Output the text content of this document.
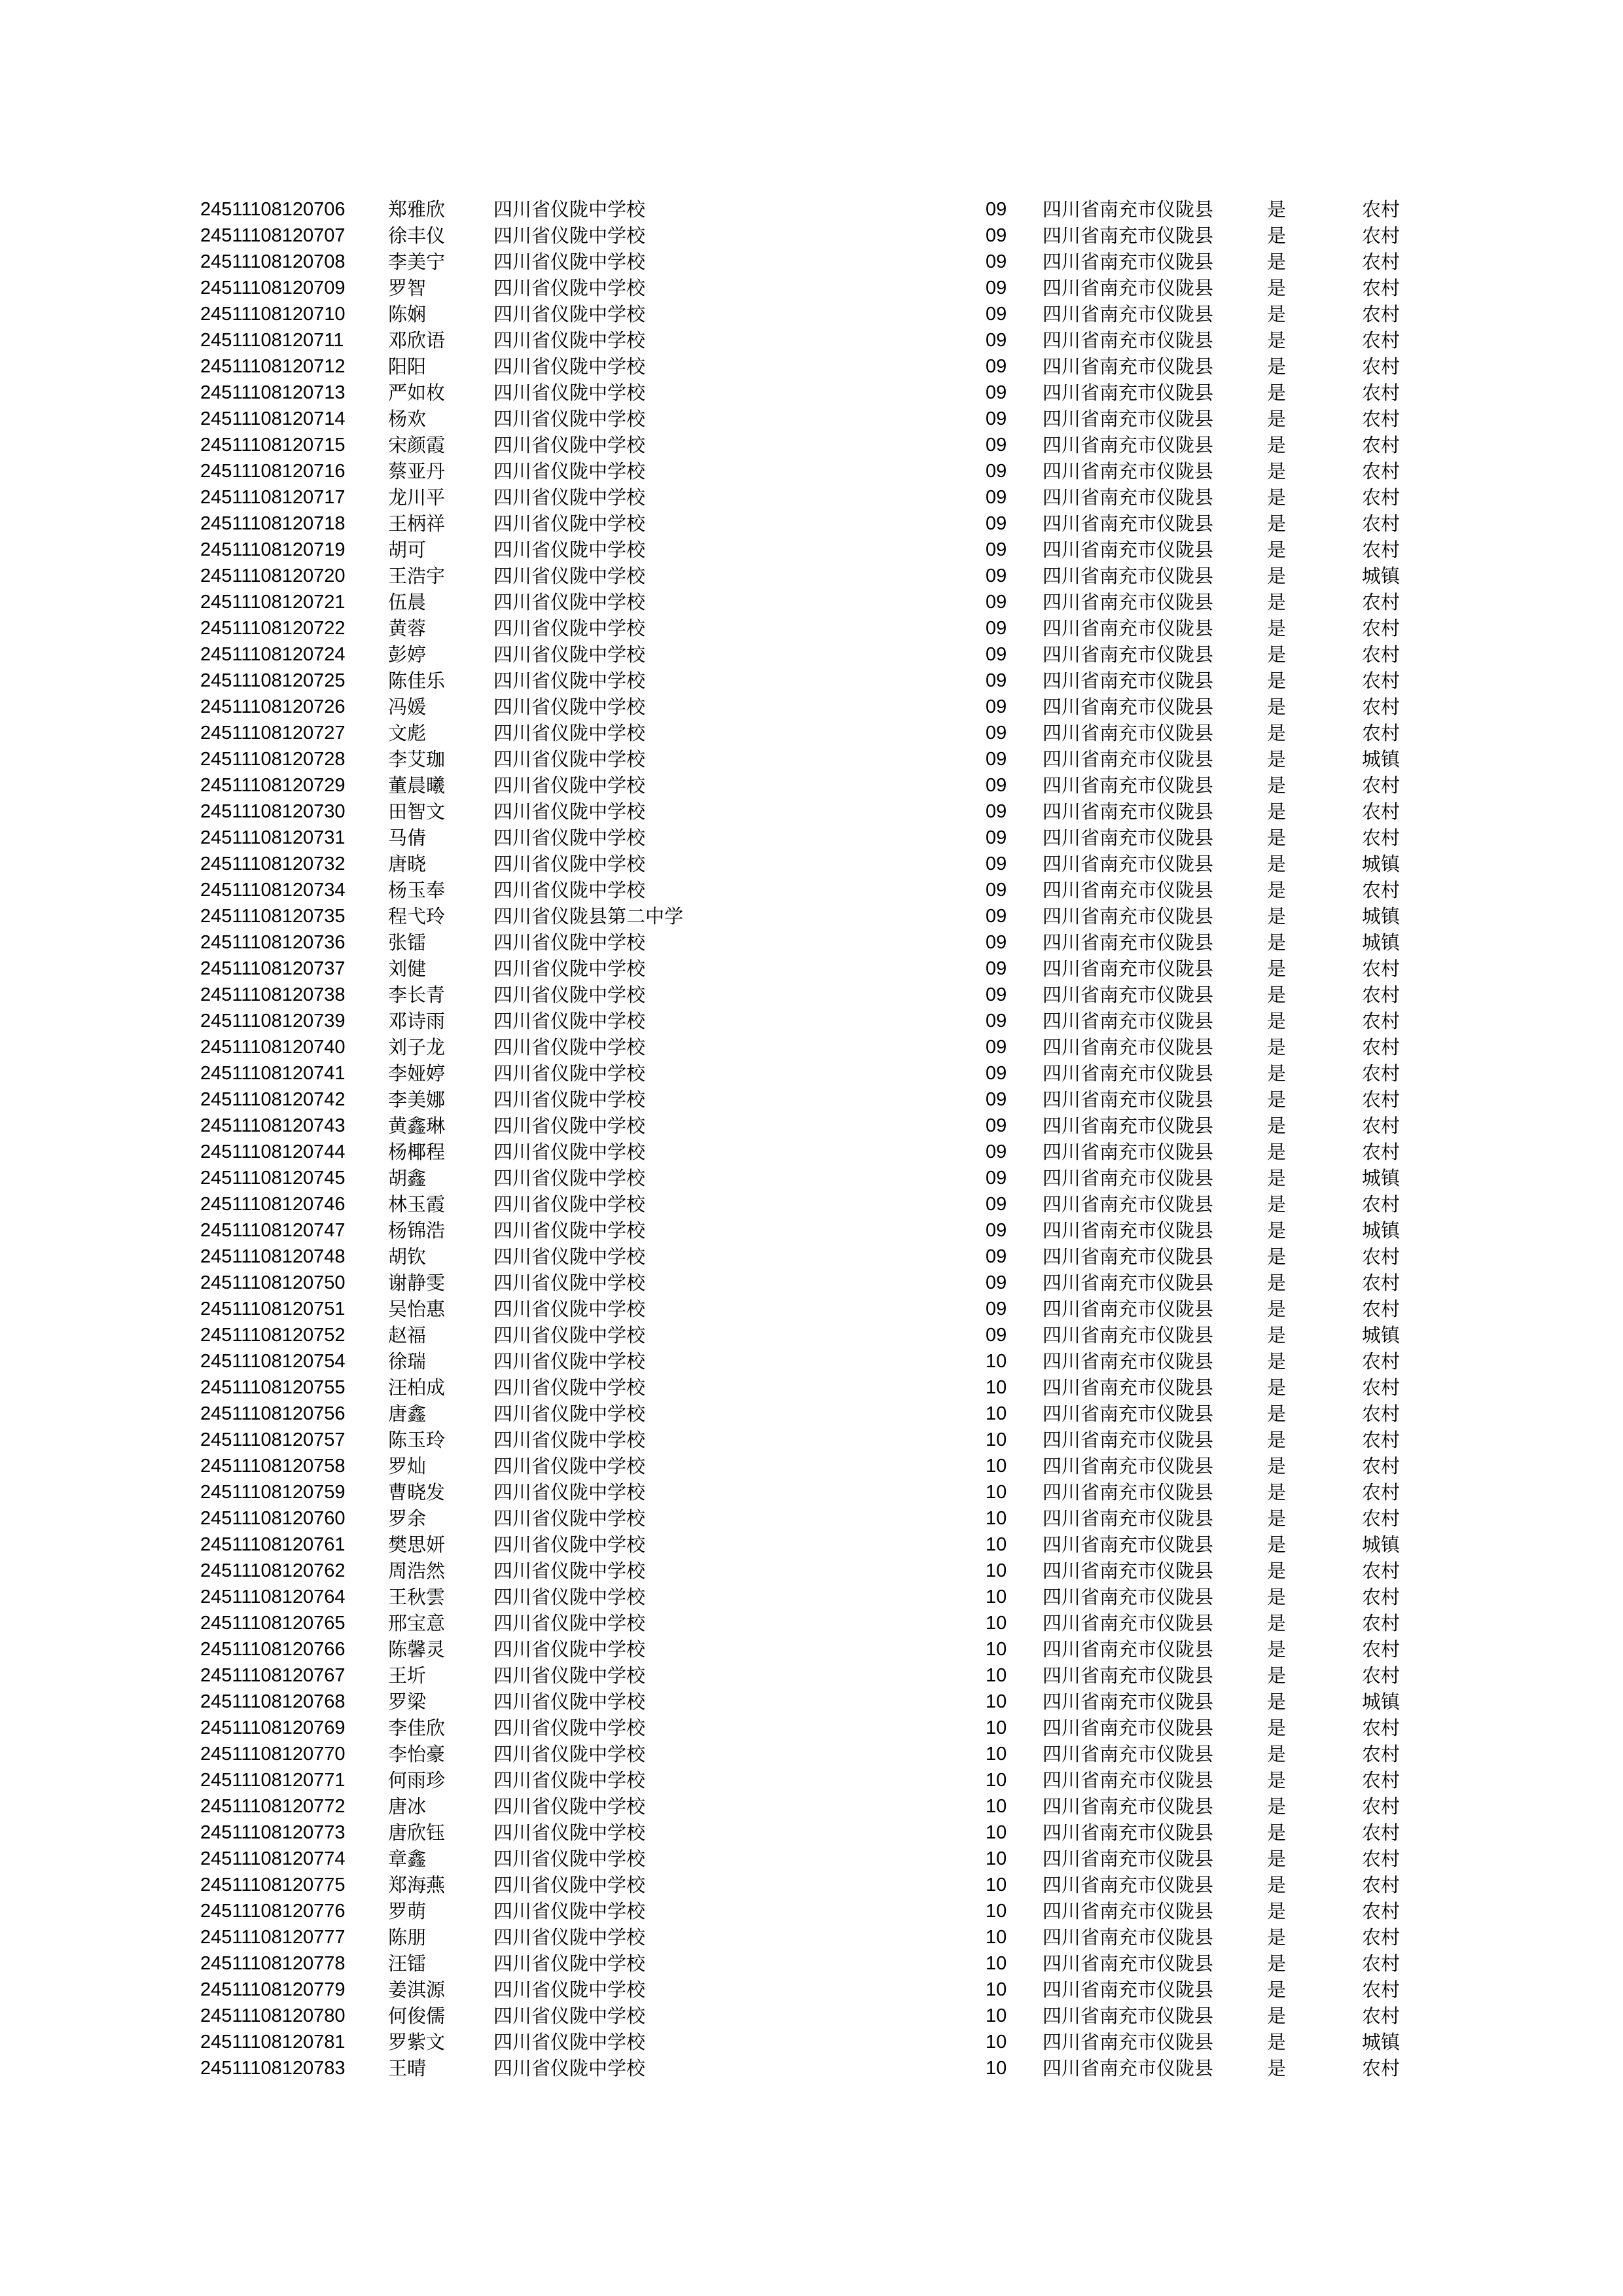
24511108120706 郑雅欣	四川省仪陇中学校	09 四川省南充市仪陇县	是	农村
24511108120707 徐丰仪	四川省仪陇中学校	09 四川省南充市仪陇县	是	农村
24511108120708 李美宁	四川省仪陇中学校	09 四川省南充市仪陇县	是	农村
24511108120709 罗智	四川省仪陇中学校	09 四川省南充市仪陇县	是	农村
24511108120710 陈娴	四川省仪陇中学校	09 四川省南充市仪陇县	是	农村
24511108120711 邓欣语	四川省仪陇中学校	09 四川省南充市仪陇县	是	农村
24511108120712 阳阳	四川省仪陇中学校	09 四川省南充市仪陇县	是	农村
24511108120713 严如枚	四川省仪陇中学校	09 四川省南充市仪陇县	是	农村
24511108120714 杨欢	四川省仪陇中学校	09 四川省南充市仪陇县	是	农村
24511108120715 宋颜霞	四川省仪陇中学校	09 四川省南充市仪陇县	是	农村
24511108120716 蔡亚丹	四川省仪陇中学校	09 四川省南充市仪陇县	是	农村
24511108120717 龙川平	四川省仪陇中学校	09 四川省南充市仪陇县	是	农村
24511108120718 王柄祥	四川省仪陇中学校	09 四川省南充市仪陇县	是	农村
24511108120719 胡可	四川省仪陇中学校	09 四川省南充市仪陇县	是	农村
24511108120720 王浩宇	四川省仪陇中学校	09 四川省南充市仪陇县	是	城镇
24511108120721 伍晨	四川省仪陇中学校	09 四川省南充市仪陇县	是	农村
24511108120722 黄蓉	四川省仪陇中学校	09 四川省南充市仪陇县	是	农村
24511108120724 彭婷	四川省仪陇中学校	09 四川省南充市仪陇县	是	农村
24511108120725 陈佳乐	四川省仪陇中学校	09 四川省南充市仪陇县	是	农村
24511108120726 冯媛	四川省仪陇中学校	09 四川省南充市仪陇县	是	农村
24511108120727 文彪	四川省仪陇中学校	09 四川省南充市仪陇县	是	农村
24511108120728 李艾珈	四川省仪陇中学校	09 四川省南充市仪陇县	是	城镇
24511108120729 董晨曦	四川省仪陇中学校	09 四川省南充市仪陇县	是	农村
24511108120730 田智文	四川省仪陇中学校	09 四川省南充市仪陇县	是	农村
24511108120731 马倩	四川省仪陇中学校	09 四川省南充市仪陇县	是	农村
24511108120732 唐晓	四川省仪陇中学校	09 四川省南充市仪陇县	是	城镇
24511108120734 杨玉奉	四川省仪陇中学校	09 四川省南充市仪陇县	是	农村
24511108120735 程弋玲	四川省仪陇县第二中学	09 四川省南充市仪陇县	是	城镇
24511108120736 张镭	四川省仪陇中学校	09 四川省南充市仪陇县	是	城镇
24511108120737 刘健	四川省仪陇中学校	09 四川省南充市仪陇县	是	农村
24511108120738 李长青	四川省仪陇中学校	09 四川省南充市仪陇县	是	农村
24511108120739 邓诗雨	四川省仪陇中学校	09 四川省南充市仪陇县	是	农村
24511108120740 刘子龙	四川省仪陇中学校	09 四川省南充市仪陇县	是	农村
24511108120741 李娅婷	四川省仪陇中学校	09 四川省南充市仪陇县	是	农村
24511108120742 李美娜	四川省仪陇中学校	09 四川省南充市仪陇县	是	农村
24511108120743 黄鑫琳	四川省仪陇中学校	09 四川省南充市仪陇县	是	农村
24511108120744 杨椰程	四川省仪陇中学校	09 四川省南充市仪陇县	是	农村
24511108120745 胡鑫	四川省仪陇中学校	09 四川省南充市仪陇县	是	城镇
24511108120746 林玉霞	四川省仪陇中学校	09 四川省南充市仪陇县	是	农村
24511108120747 杨锦浩	四川省仪陇中学校	09 四川省南充市仪陇县	是	城镇
24511108120748 胡钦	四川省仪陇中学校	09 四川省南充市仪陇县	是	农村
24511108120750 谢静雯	四川省仪陇中学校	09 四川省南充市仪陇县	是	农村
24511108120751 吴怡惠	四川省仪陇中学校	09 四川省南充市仪陇县	是	农村
24511108120752 赵福	四川省仪陇中学校	09 四川省南充市仪陇县	是	城镇
24511108120754 徐瑞	四川省仪陇中学校	10 四川省南充市仪陇县	是	农村
24511108120755 汪柏成	四川省仪陇中学校	10 四川省南充市仪陇县	是	农村
24511108120756 唐鑫	四川省仪陇中学校	10 四川省南充市仪陇县	是	农村
24511108120757 陈玉玲	四川省仪陇中学校	10 四川省南充市仪陇县	是	农村
24511108120758 罗灿	四川省仪陇中学校	10 四川省南充市仪陇县	是	农村
24511108120759 曹晓发	四川省仪陇中学校	10 四川省南充市仪陇县	是	农村
24511108120760 罗余	四川省仪陇中学校	10 四川省南充市仪陇县	是	农村
24511108120761 樊思妍	四川省仪陇中学校	10 四川省南充市仪陇县	是	城镇
24511108120762 周浩然	四川省仪陇中学校	10 四川省南充市仪陇县	是	农村
24511108120764 王秋雲	四川省仪陇中学校	10 四川省南充市仪陇县	是	农村
24511108120765 邢宝意	四川省仪陇中学校	10 四川省南充市仪陇县	是	农村
24511108120766 陈馨灵	四川省仪陇中学校	10 四川省南充市仪陇县	是	农村
24511108120767 王圻	四川省仪陇中学校	10 四川省南充市仪陇县	是	农村
24511108120768 罗梁	四川省仪陇中学校	10 四川省南充市仪陇县	是	城镇
24511108120769 李佳欣	四川省仪陇中学校	10 四川省南充市仪陇县	是	农村
24511108120770 李怡豪	四川省仪陇中学校	10 四川省南充市仪陇县	是	农村
24511108120771 何雨珍	四川省仪陇中学校	10 四川省南充市仪陇县	是	农村
24511108120772 唐冰	四川省仪陇中学校	10 四川省南充市仪陇县	是	农村
24511108120773 唐欣钰	四川省仪陇中学校	10 四川省南充市仪陇县	是	农村
24511108120774 章鑫	四川省仪陇中学校	10 四川省南充市仪陇县	是	农村
24511108120775 郑海燕	四川省仪陇中学校	10 四川省南充市仪陇县	是	农村
24511108120776 罗萌	四川省仪陇中学校	10 四川省南充市仪陇县	是	农村
24511108120777 陈朋	四川省仪陇中学校	10 四川省南充市仪陇县	是	农村
24511108120778 汪镭	四川省仪陇中学校	10 四川省南充市仪陇县	是	农村
24511108120779 姜淇源	四川省仪陇中学校	10 四川省南充市仪陇县	是	农村
24511108120780 何俊儒	四川省仪陇中学校	10 四川省南充市仪陇县	是	农村
24511108120781 罗紫文	四川省仪陇中学校	10 四川省南充市仪陇县	是	城镇
24511108120783 王晴	四川省仪陇中学校	10 四川省南充市仪陇县	是	农村
